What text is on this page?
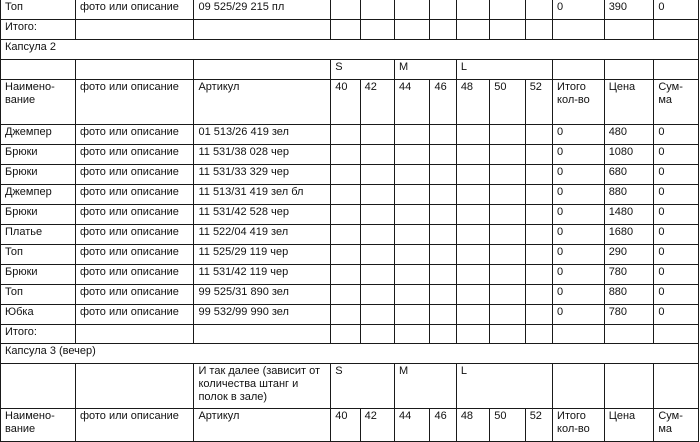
Топ	фото или описание	09 525/29 215 пл								0	390	0
Итого:												
Капсула 2												
			S		M		L					
Наимено-вание	фото или описание	Артикул	40	42	44	46	48	50	52	Итого кол-во	Цена	Сум-ма
Джемпер	фото или описание	01 513/26 419 зел								0	480	0
Брюки	фото или описание	11 531/38 028 чер								0	1080	0
Брюки	фото или описание	11 531/33 329 чер								0	680	0
Джемпер	фото или описание	11 513/31 419 зел бл								0	880	0
Брюки	фото или описание	11 531/42 528 чер								0	1480	0
Платье	фото или описание	11 522/04 419 зел								0	1680	0
Топ	фото или описание	11 525/29 119 чер								0	290	0
Брюки	фото или описание	11 531/42 119 чер								0	780	0
Топ	фото или описание	99 525/31 890 зел								0	880	0
Юбка	фото или описание	99 532/99 990 зел								0	780	0
Итого:												
Капсула 3 (вечер)												
		И так далее (зависит от количества штанг и полок в зале)	S		M		L					
Наимено-вание	фото или описание	Артикул	40	42	44	46	48	50	52	Итого кол-во	Цена	Сум-ма
